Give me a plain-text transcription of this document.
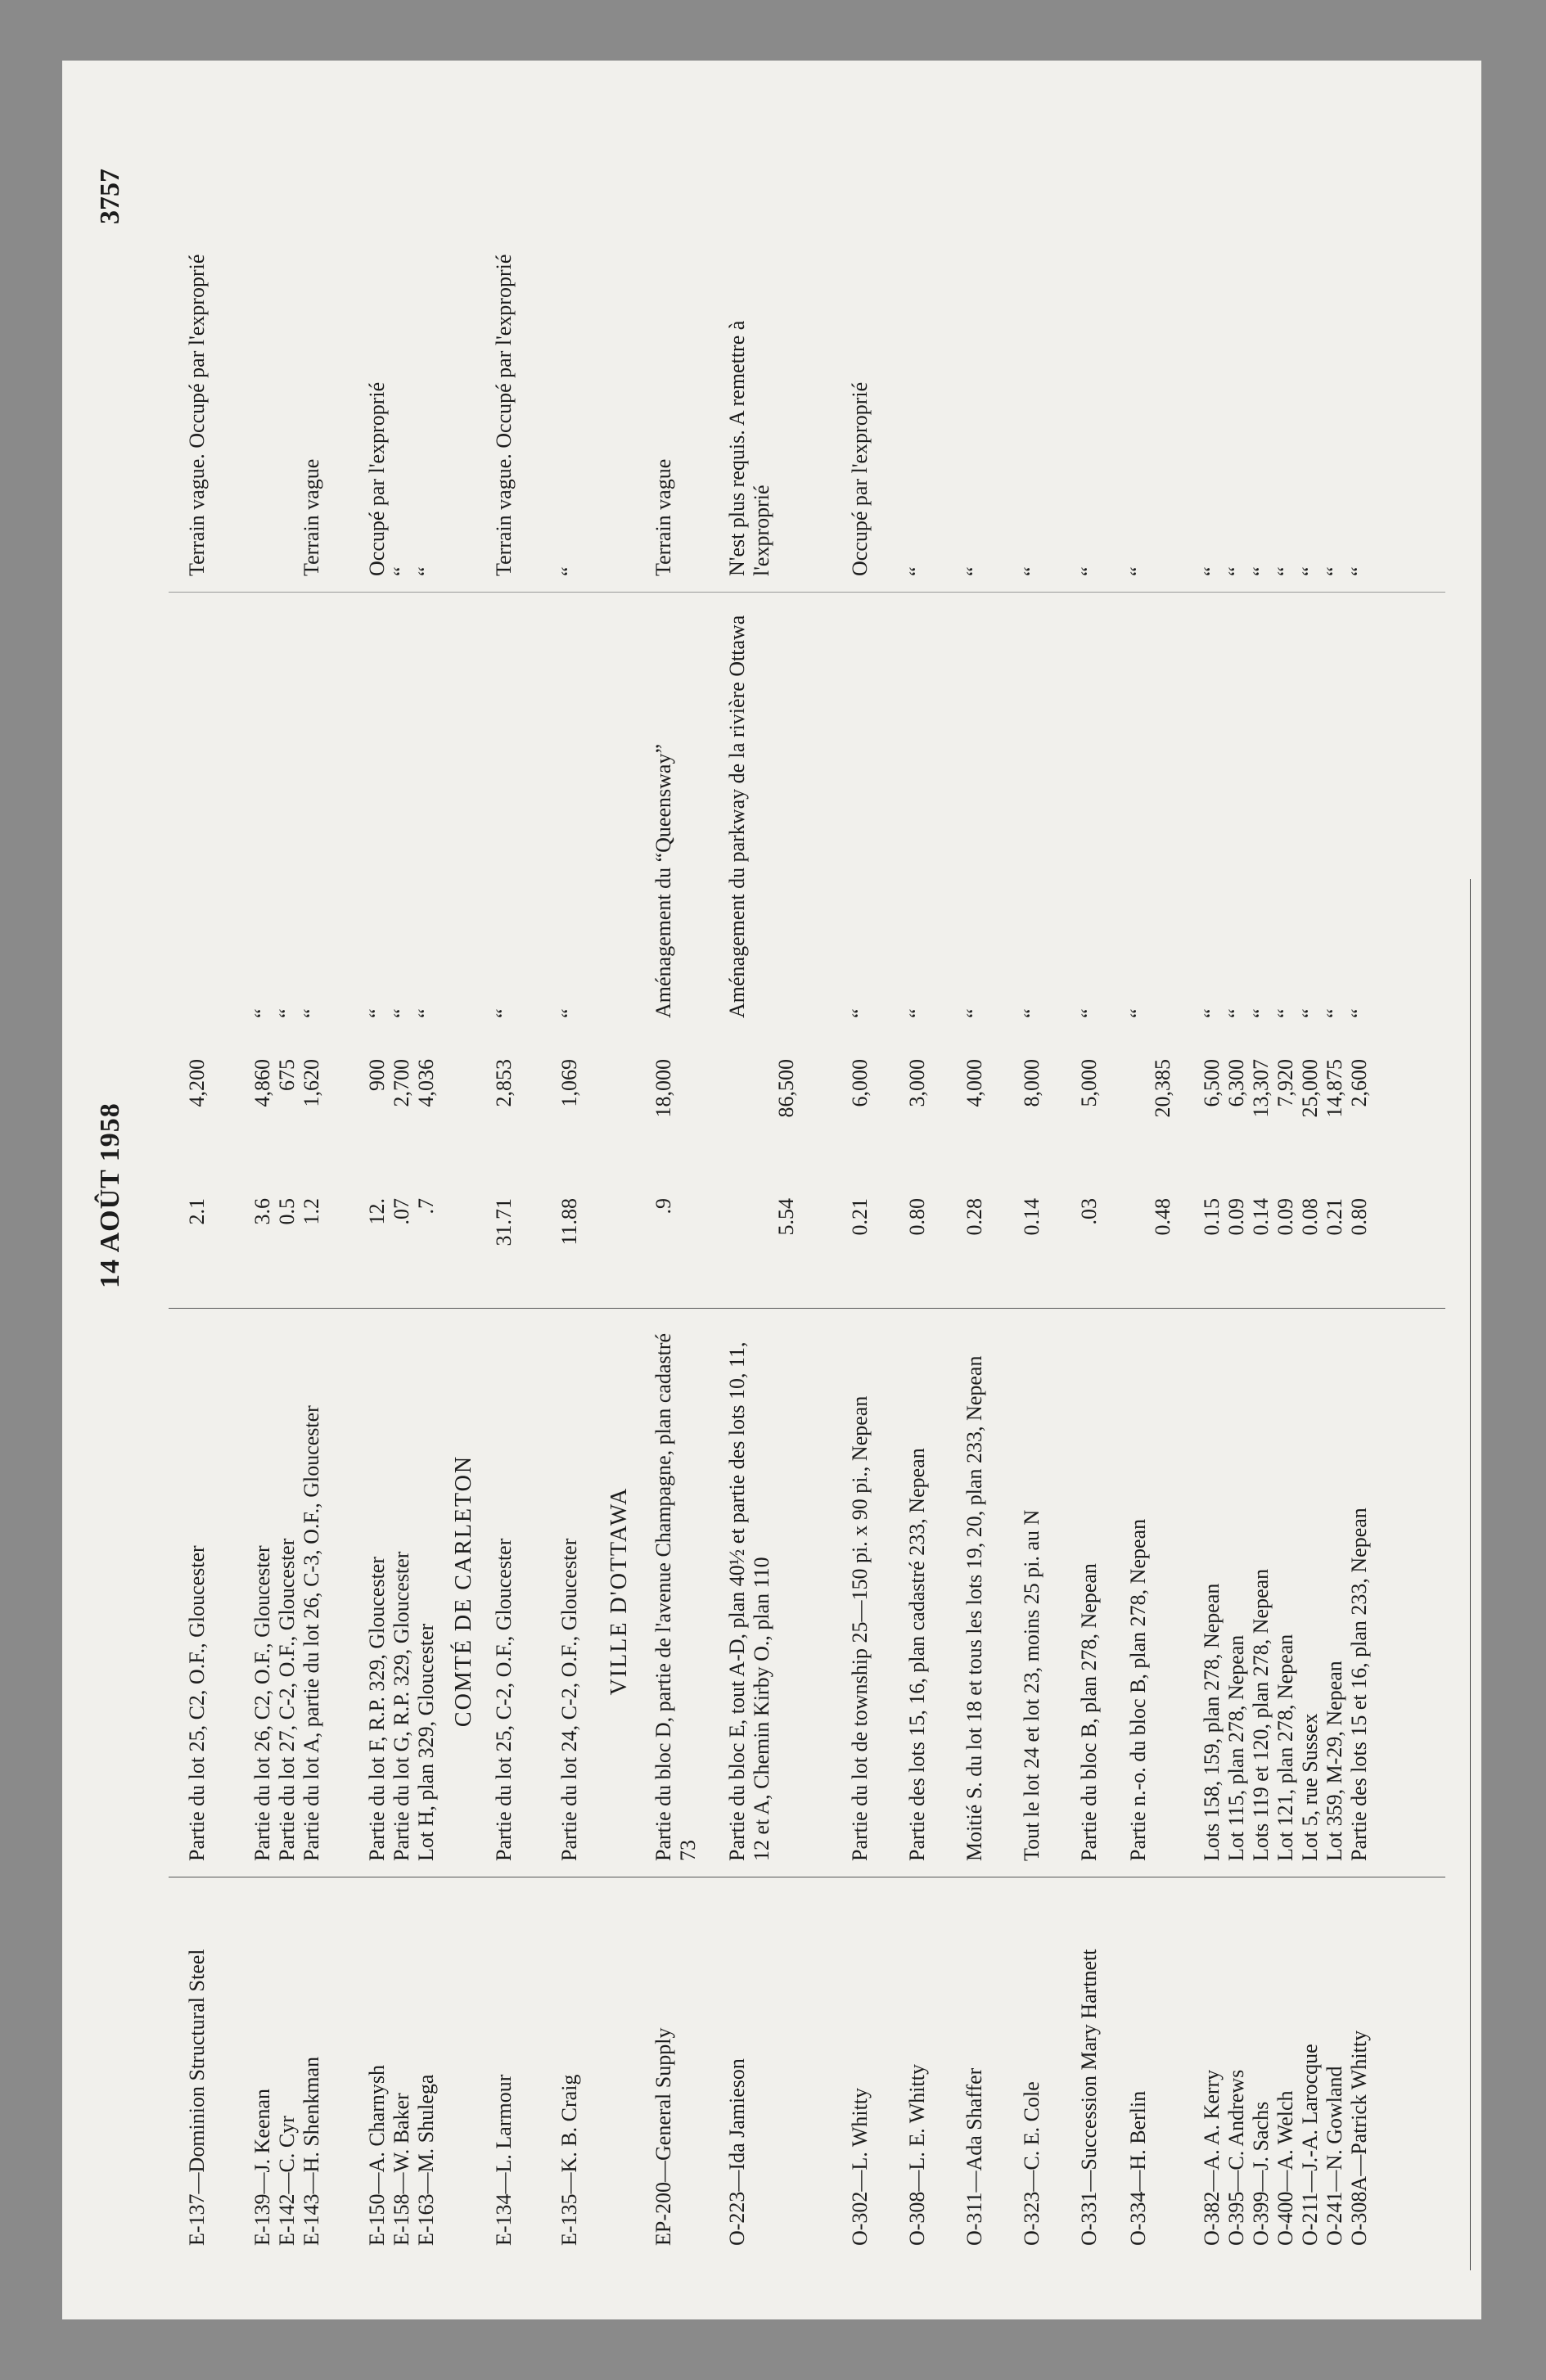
14 AOÛT 1958
3757
E-137—Dominion Structural Steel
Partie du lot 25, C2, O.F., Gloucester
2.1
4,200
Terrain vague. Occupé par l'exproprié
E-139—J. Keenan
Partie du lot 26, C2, O.F., Gloucester
3.6
4,860
“
E-142—C. Cyr
Partie du lot 27, C-2, O.F., Gloucester
0.5
675
“
E-143—H. Shenkman
Partie du lot A, partie du lot 26, C-3, O.F., Gloucester
1.2
1,620
“
Terrain vague
E-150—A. Charnysh
Partie du lot F, R.P. 329, Gloucester
12.
900
“
Occupé par l'exproprié
E-158—W. Baker
Partie du lot G, R.P. 329, Gloucester
.07
2,700
“
“
E-163—M. Shulega
Lot H, plan 329, Gloucester
.7
4,036
“
“
COMTÉ DE CARLETON
E-134—L. Larmour
Partie du lot 25, C-2, O.F., Gloucester
31.71
2,853
“
Terrain vague. Occupé par l'exproprié
E-135—K. B. Craig
Partie du lot 24, C-2, O.F., Gloucester
11.88
1,069
“
“
VILLE D'OTTAWA
EP-200—General Supply
Partie du bloc D, partie de l'avenue Champagne, plan cadastré 73
.9
18,000
Aménagement du “Queensway”
Terrain vague
O-223—Ida Jamieson
Partie du bloc E, tout A-D, plan 40½ et partie des lots 10, 11, 12 et A, Chemin Kirby O., plan 110
5.54
86,500
Aménagement du parkway de la rivière Ottawa
N'est plus requis. A remettre à l'exproprié
O-302—L. Whitty
Partie du lot de township 25—150 pi. x 90 pi., Nepean
0.21
6,000
“
Occupé par l'exproprié
O-308—L. E. Whitty
Partie des lots 15, 16, plan cadastré 233, Nepean
0.80
3,000
“
“
O-311—Ada Shaffer
Moitié S. du lot 18 et tous les lots 19, 20, plan 233, Nepean
0.28
4,000
“
“
O-323—C. E. Cole
Tout le lot 24 et lot 23, moins 25 pi. au N
0.14
8,000
“
“
O-331—Succession Mary Hartnett
Partie du bloc B, plan 278, Nepean
.03
5,000
“
“
O-334—H. Berlin
Partie n.-o. du bloc B, plan 278, Nepean
0.48
20,385
“
“
O-382—A. A. Kerry
Lots 158, 159, plan 278, Nepean
0.15
6,500
“
“
O-395—C. Andrews
Lot 115, plan 278, Nepean
0.09
6,300
“
“
O-399—J. Sachs
Lots 119 et 120, plan 278, Nepean
0.14
13,307
“
“
O-400—A. Welch
Lot 121, plan 278, Nepean
0.09
7,920
“
“
O-211—J.-A. Larocque
Lot 5, rue Sussex
0.08
25,000
“
“
O-241—N. Gowland
Lot 359, M-29, Nepean
0.21
14,875
“
“
O-308A—Patrick Whitty
Partie des lots 15 et 16, plan 233, Nepean
0.80
2,600
“
“
